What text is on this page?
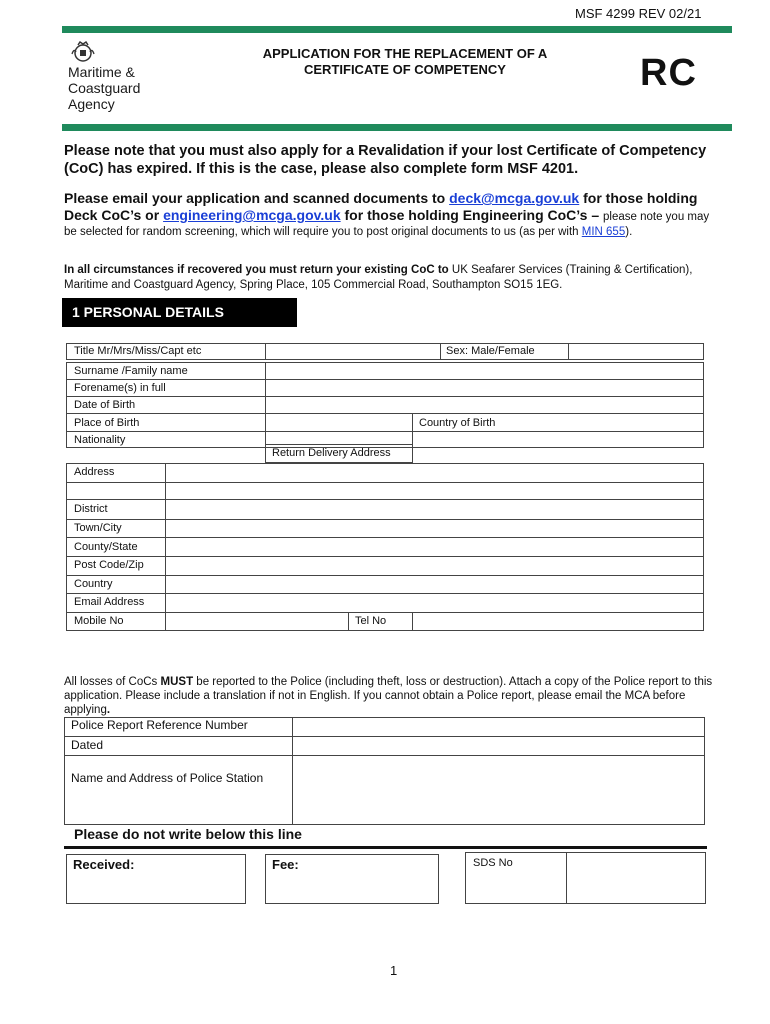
MSF 4299 REV 02/21
Maritime &
Coastguard
Agency
APPLICATION FOR THE REPLACEMENT OF A
CERTIFICATE OF COMPETENCY	RC
Please note that you must also apply for a Revalidation if your lost Certificate of Competency (CoC) has expired. If this is the case, please also complete form MSF 4201.
Please email your application and scanned documents to deck@mcga.gov.uk for those holding Deck CoC’s or engineering@mcga.gov.uk for those holding Engineering CoC’s – please note you may be selected for random screening, which will require you to post original documents to us (as per with MIN 655).
In all circumstances if recovered you must return your existing CoC to UK Seafarer Services (Training & Certification), Maritime and Coastguard Agency, Spring Place, 105 Commercial Road, Southampton SO15 1EG.
1 PERSONAL DETAILS
Title Mr/Mrs/Miss/Capt etc	Sex: Male/Female
Surname /Family name
Forename(s) in full
Date of Birth
Place of Birth	Country of Birth
Nationality
Return Delivery Address
Address
District
Town/City
County/State
Post Code/Zip
Country
Email Address
Mobile No	Tel No
All losses of CoCs MUST be reported to the Police (including theft, loss or destruction). Attach a copy of the Police report to this application. Please include a translation if not in English. If you cannot obtain a Police report, please email the MCA before applying.
Police Report Reference Number
Dated
Name and Address of Police Station
Please do not write below this line
Received:	Fee:	SDS No
1
